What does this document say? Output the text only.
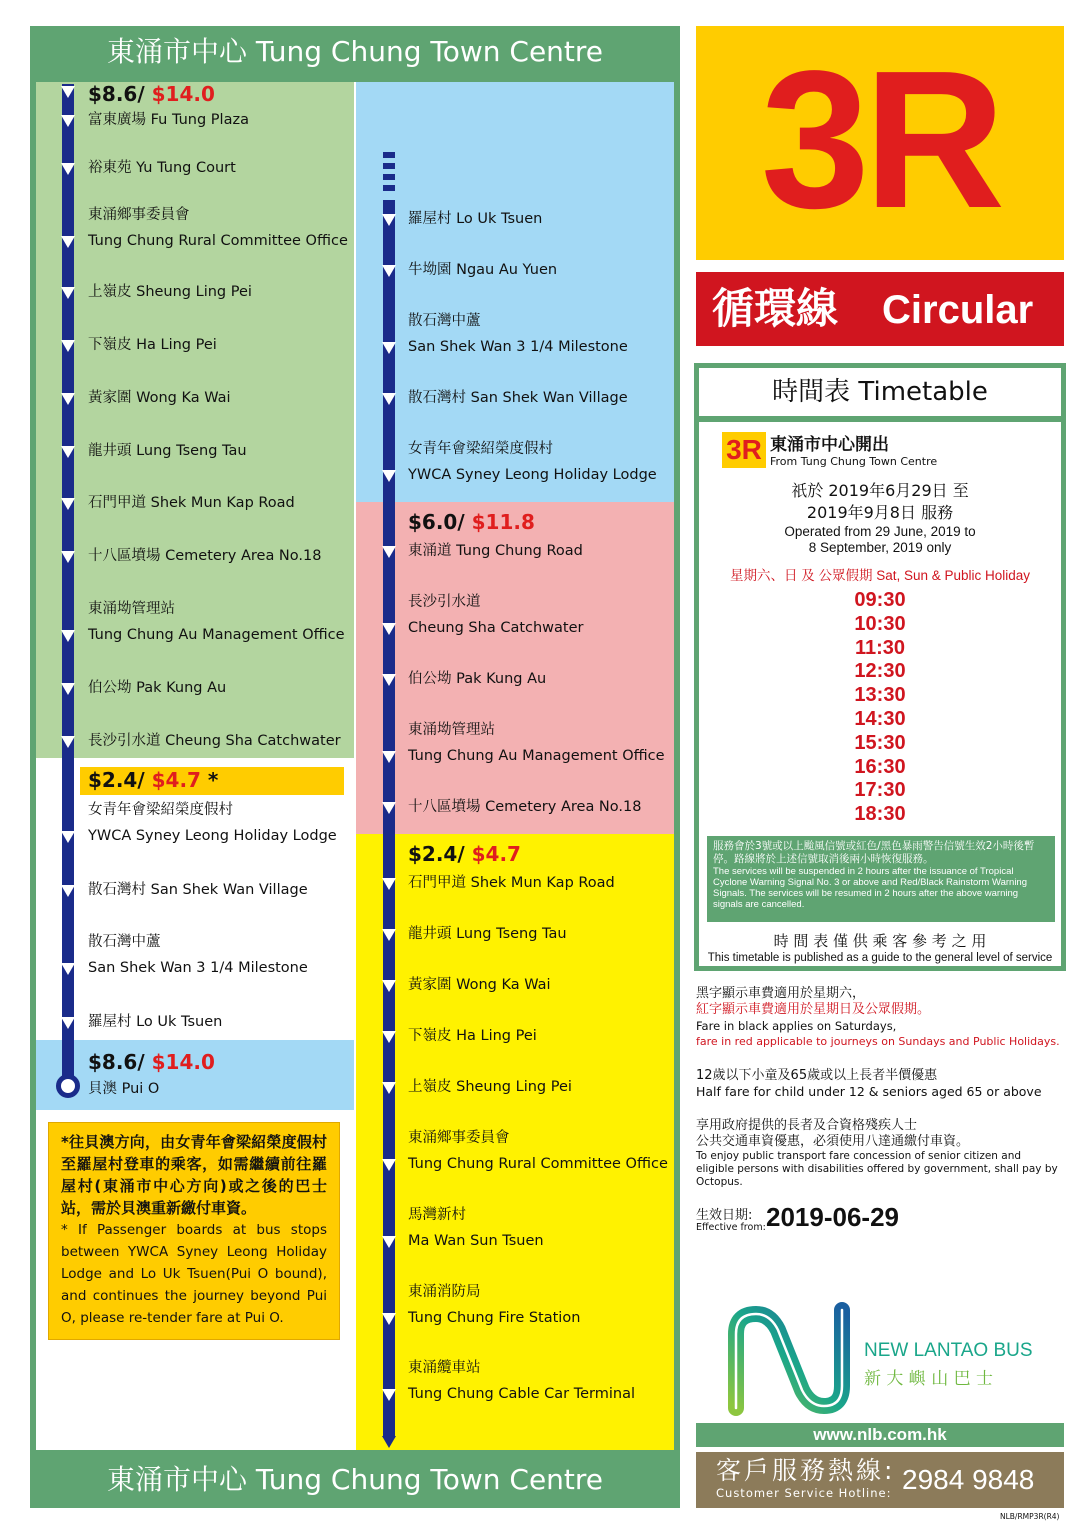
東涌市中心 Tung Chung Town Centre
東涌市中心 Tung Chung Town Centre
$8.6/ $14.0
$2.4/ $4.7 *
$8.6/ $14.0
貝澳 Pui O
富東廣場 Fu Tung Plaza
裕東苑 Yu Tung Court
東涌鄉事委員會
Tung Chung Rural Committee Office
上嶺皮 Sheung Ling Pei
下嶺皮 Ha Ling Pei
黃家圍 Wong Ka Wai
龍井頭 Lung Tseng Tau
石門甲道 Shek Mun Kap Road
十八區墳場 Cemetery Area No.18
東涌坳管理站
Tung Chung Au Management Office
伯公坳 Pak Kung Au
長沙引水道 Cheung Sha Catchwater
女青年會梁紹榮度假村
YWCA Syney Leong Holiday Lodge
散石灣村 San Shek Wan Village
散石灣中蘆
San Shek Wan 3 1/4 Milestone
羅屋村 Lo Uk Tsuen
羅屋村 Lo Uk Tsuen
牛坳園 Ngau Au Yuen
散石灣中蘆
San Shek Wan 3 1/4 Milestone
散石灣村 San Shek Wan Village
女青年會梁紹榮度假村
YWCA Syney Leong Holiday Lodge
東涌道 Tung Chung Road
長沙引水道
Cheung Sha Catchwater
伯公坳 Pak Kung Au
東涌坳管理站
Tung Chung Au Management Office
十八區墳場 Cemetery Area No.18
石門甲道 Shek Mun Kap Road
龍井頭 Lung Tseng Tau
黃家圍 Wong Ka Wai
下嶺皮 Ha Ling Pei
上嶺皮 Sheung Ling Pei
東涌鄉事委員會
Tung Chung Rural Committee Office
馬灣新村
Ma Wan Sun Tsuen
東涌消防局
Tung Chung Fire Station
東涌纜車站
Tung Chung Cable Car Terminal
$6.0/ $11.8
$2.4/ $4.7
*往貝澳方向，由女青年會梁紹榮度假村至羅屋村登車的乘客，如需繼續前往羅屋村(東涌市中心方向)或之後的巴士站，需於貝澳重新繳付車資。
* If Passenger boards at bus stops between YWCA Syney Leong Holiday Lodge and Lo Uk Tsuen(Pui O bound), and continues the journey beyond Pui O, please re-tender fare at Pui O.
3R
循環線 Circular
時間表 Timetable
3R 東涌市中心開出
From Tung Chung Town Centre
祇於 2019年6月29日 至
2019年9月8日 服務
Operated from 29 June, 2019 to
8 September, 2019 only
星期六、日 及 公眾假期 Sat, Sun & Public Holiday
09:30
10:30
11:30
12:30
13:30
14:30
15:30
16:30
17:30
18:30
服務會於3號或以上颱風信號或紅色/黑色暴雨警告信號生效2小時後暫停。路線將於上述信號取消後兩小時恢復服務。
The services will be suspended in 2 hours after the issuance of Tropical Cyclone Warning Signal No. 3 or above and Red/Black Rainstorm Warning Signals. The services will be resumed in 2 hours after the above warning signals are cancelled.
時 間 表 僅 供 乘 客 參 考 之 用
This timetable is published as a guide to the general level of service
黑字顯示車費適用於星期六，
紅字顯示車費適用於星期日及公眾假期。
Fare in black applies on Saturdays,
fare in red applicable to journeys on Sundays and Public Holidays.
12歲以下小童及65歲或以上長者半價優惠
Half fare for child under 12 & seniors aged 65 or above
享用政府提供的長者及合資格殘疾人士
公共交通車資優惠，必須使用八達通繳付車資。
To enjoy public transport fare concession of senior citizen and eligible persons with disabilities offered by government, shall pay by Octopus.
生效日期:
Effective from: 2019-06-29
NEW LANTAO BUS
新 大 嶼 山 巴 士
www.nlb.com.hk
客戶服務熱線:
Customer Service Hotline: 2984 9848
NLB/RMP3R(R4)
